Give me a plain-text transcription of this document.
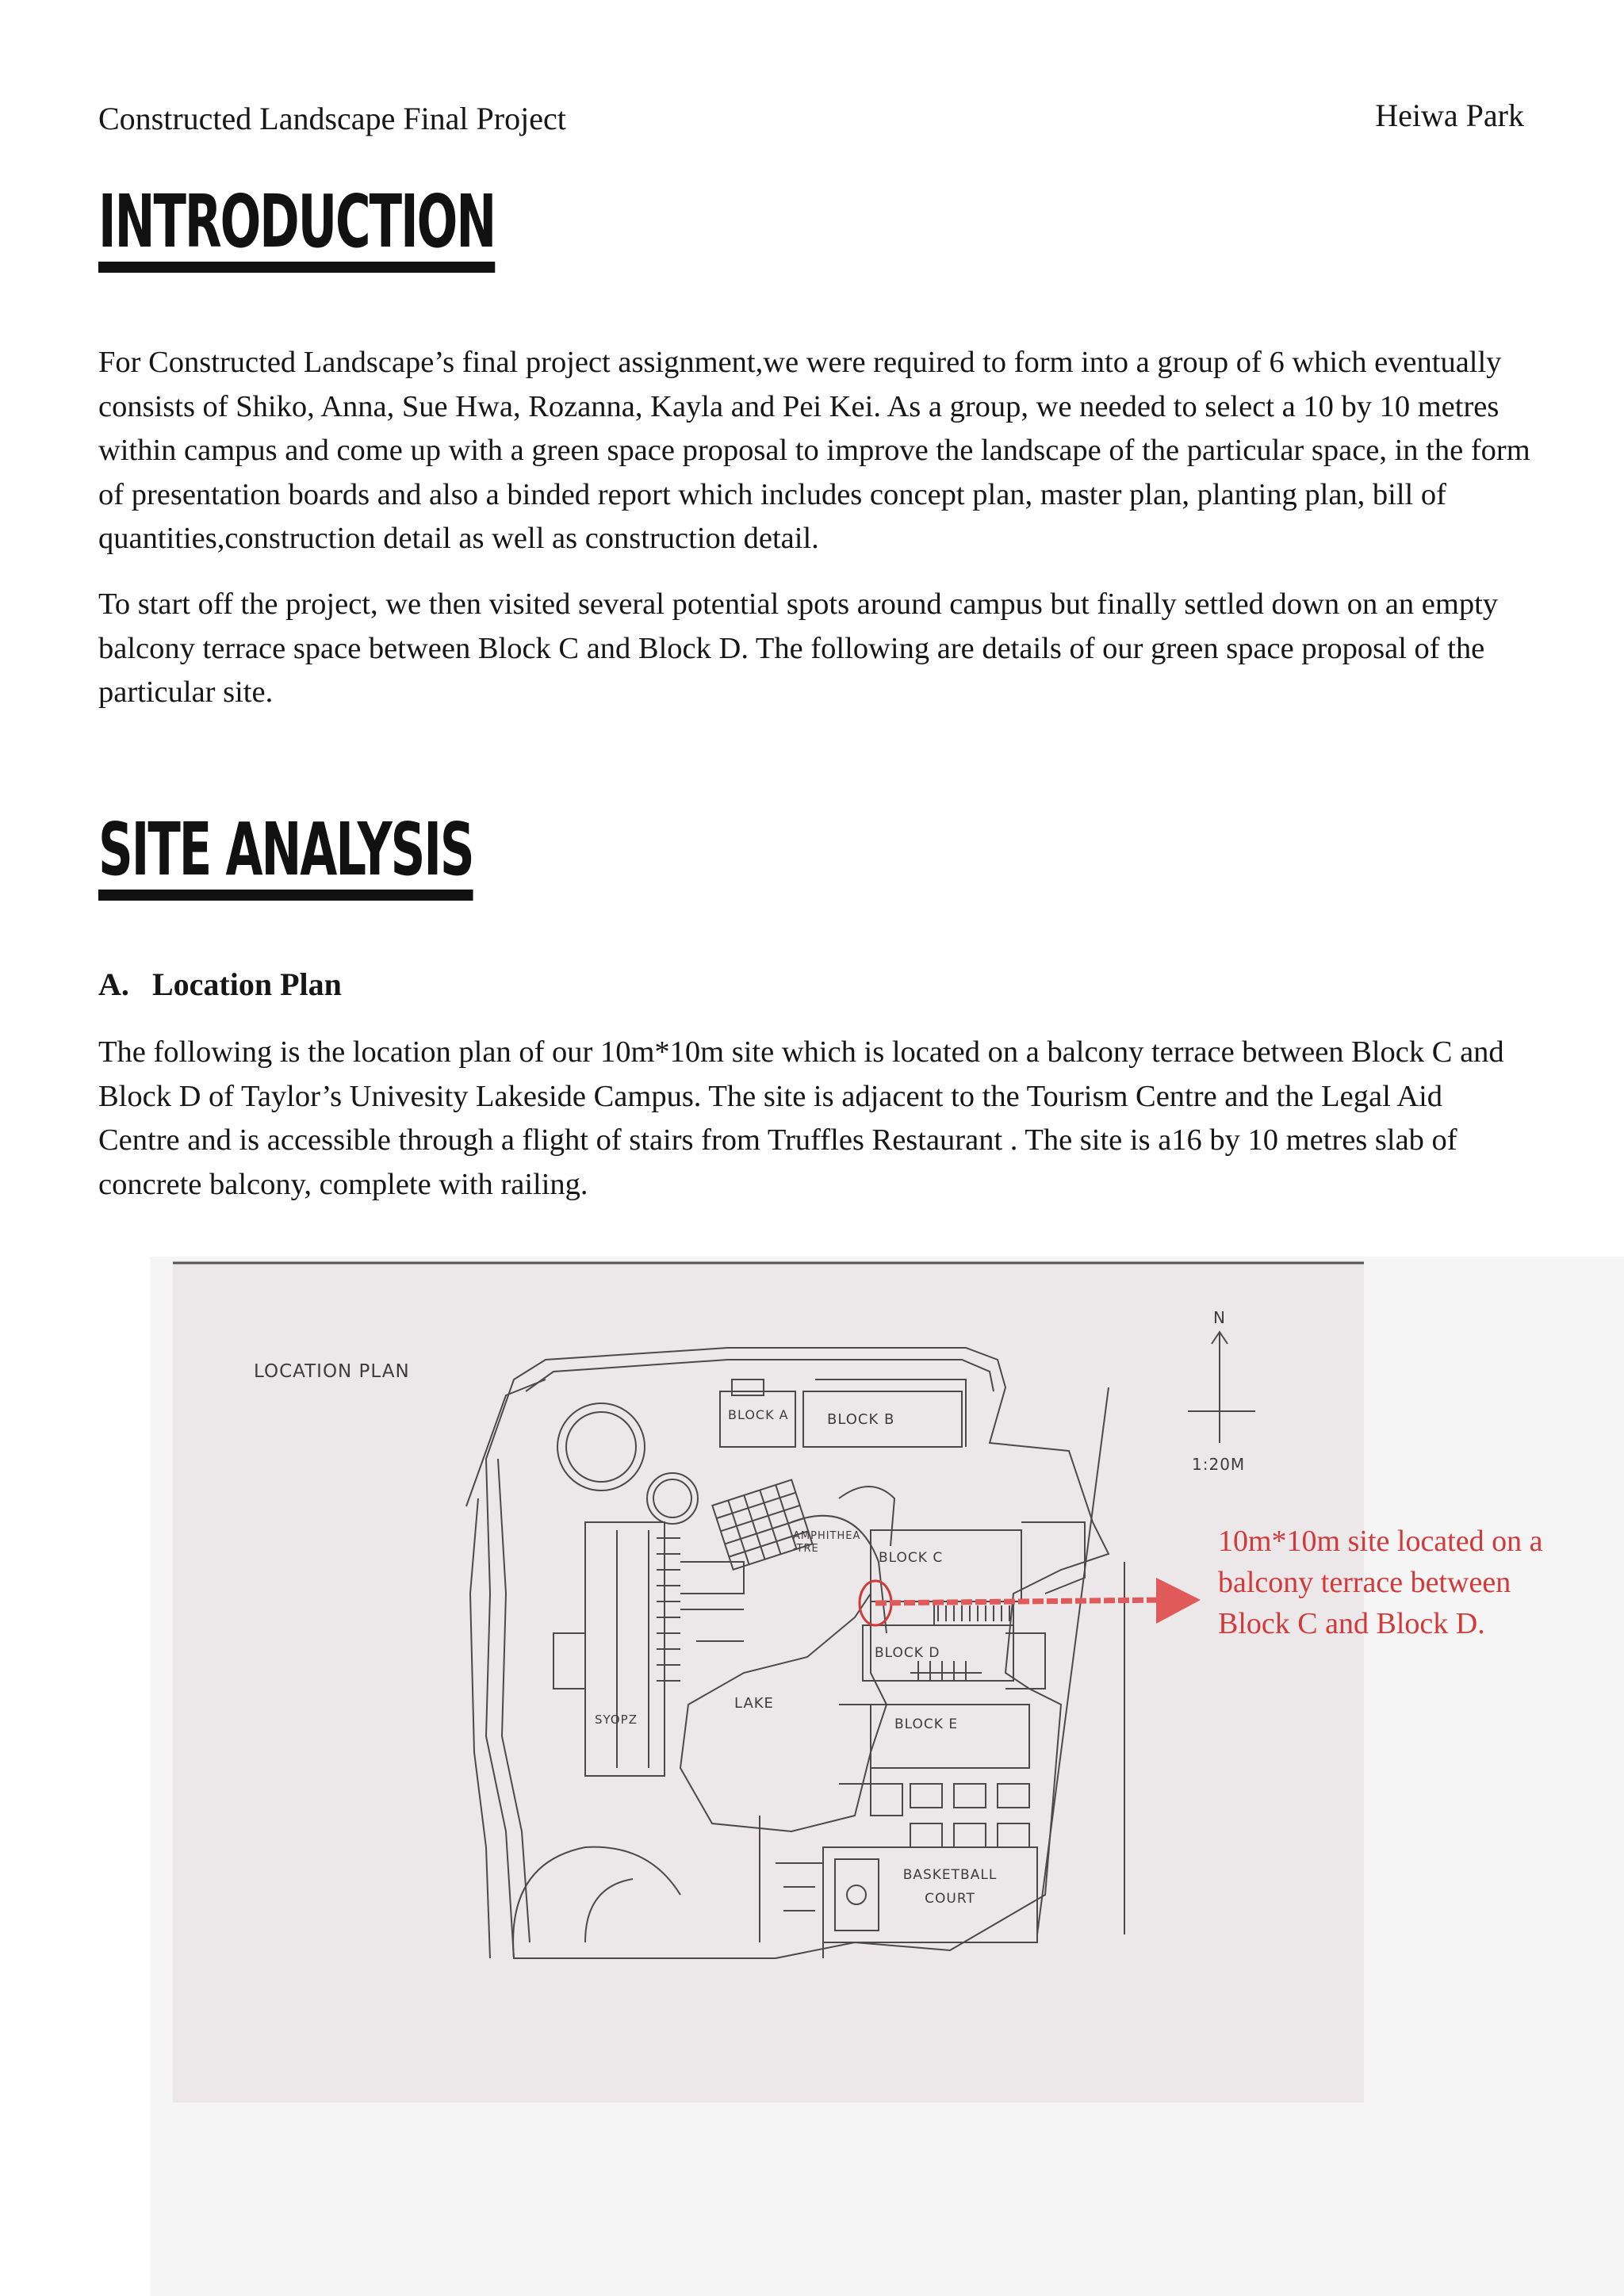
Constructed Landscape Final Project	Heiwa Park
INTRODUCTION

For Constructed Landscape’s final project assignment,we were required to form into a group of 6 which eventually consists of Shiko, Anna, Sue Hwa, Rozanna, Kayla and Pei Kei. As a group, we needed to select a 10 by 10 metres within campus and come up with a green space proposal to improve the landscape of the particular space, in the form of presentation boards and also a binded report which includes concept plan, master plan, planting plan, bill of quantities,construction detail as well as construction detail.

To start off the project, we then visited several potential spots around campus but finally settled down on an empty balcony terrace space between Block C and Block D. The following are details of our green space proposal of the particular site.

SITE ANALYSIS
A. Location Plan

The following is the location plan of our 10m*10m site which is located on a balcony terrace between Block C and Block D of Taylor’s Univesity Lakeside Campus. The site is adjacent to the Tourism Centre and the Legal Aid Centre and is accessible through a flight of stairs from Truffles Restaurant . The site is a16 by 10 metres slab of concrete balcony, complete with railing.

LOCATION PLAN
N
1:20M
BLOCK A	BLOCK B
AMPHITHEA -TRE
BLOCK C
BLOCK D
BLOCK E
LAKE
SYOPZ
BASKETBALL COURT
10m*10m site located on a balcony terrace between Block C and Block D.
